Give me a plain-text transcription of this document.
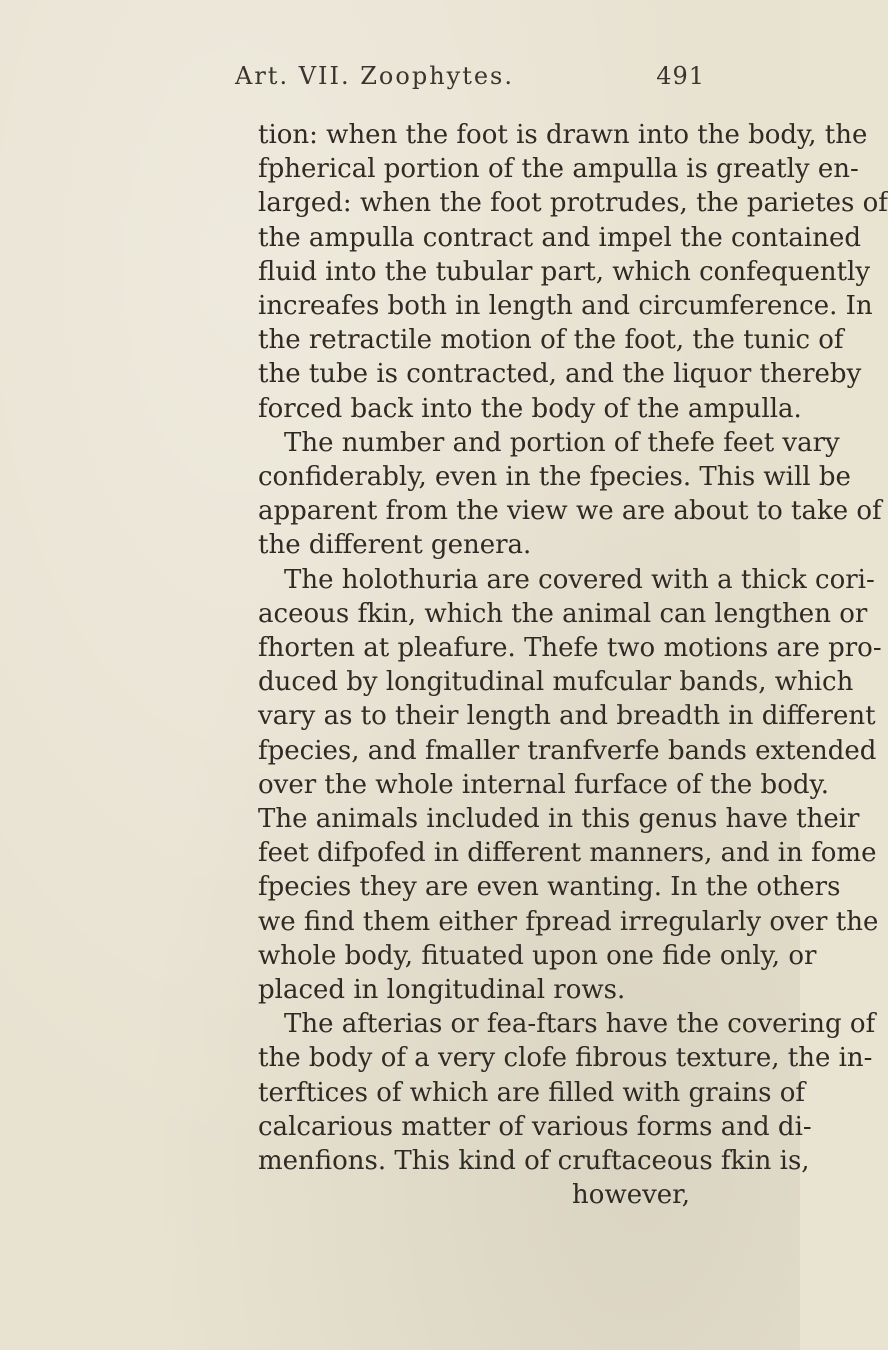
Art. VII. Zoophytes.	491
tion: when the foot is drawn into the body, the
fpherical portion of the ampulla is greatly en-
larged: when the foot protrudes, the parietes of
the ampulla contract and impel the contained
fluid into the tubular part, which confequently
increafes both in length and circumference. In
the retractile motion of the foot, the tunic of
the tube is contracted, and the liquor thereby
forced back into the body of the ampulla.
The number and portion of thefe feet vary
confiderably, even in the fpecies. This will be
apparent from the view we are about to take of
the different genera.
The holothuria are covered with a thick cori-
aceous fkin, which the animal can lengthen or
fhorten at pleafure. Thefe two motions are pro-
duced by longitudinal mufcular bands, which
vary as to their length and breadth in different
fpecies, and fmaller tranfverfe bands extended
over the whole internal furface of the body.
The animals included in this genus have their
feet difpofed in different manners, and in fome
fpecies they are even wanting. In the others
we find them either fpread irregularly over the
whole body, fituated upon one fide only, or
placed in longitudinal rows.
The afterias or fea-ftars have the covering of
the body of a very clofe fibrous texture, the in-
terftices of which are filled with grains of
calcarious matter of various forms and di-
menfions. This kind of cruftaceous fkin is,
however,
